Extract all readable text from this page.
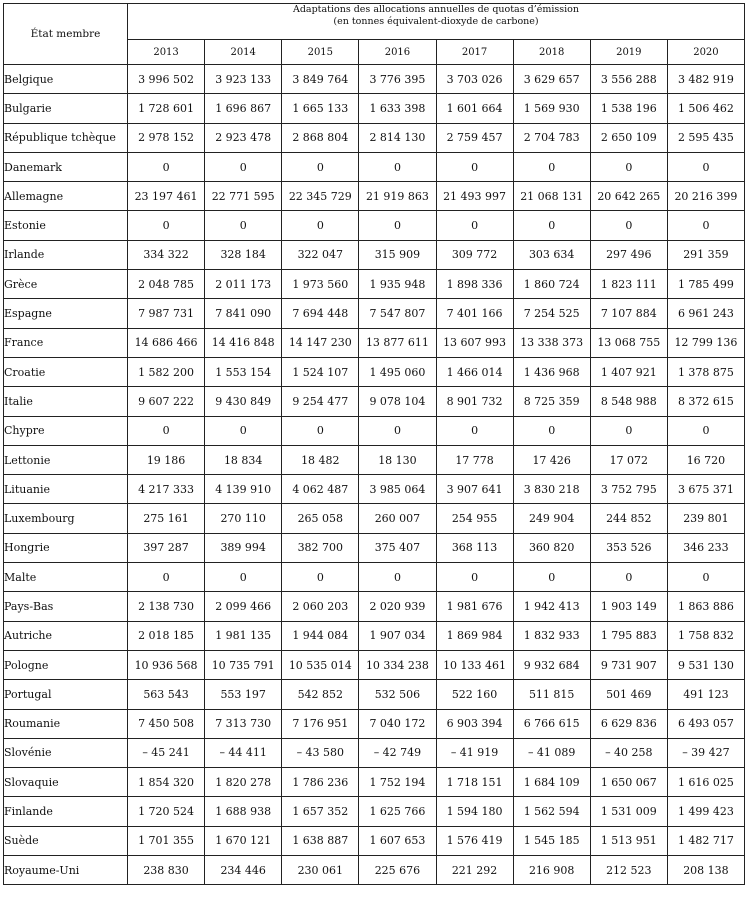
État membre	Adaptations des allocations annuelles de quotas d’émission
(en tonnes équivalent-dioxyde de carbone)							

	2013	2014	2015	2016	2017	2018	2019	2020
Belgique	3 996 502	3 923 133	3 849 764	3 776 395	3 703 026	3 629 657	3 556 288	3 482 919
Bulgarie	1 728 601	1 696 867	1 665 133	1 633 398	1 601 664	1 569 930	1 538 196	1 506 462
République tchèque	2 978 152	2 923 478	2 868 804	2 814 130	2 759 457	2 704 783	2 650 109	2 595 435
Danemark	0	0	0	0	0	0	0	0
Allemagne	23 197 461	22 771 595	22 345 729	21 919 863	21 493 997	21 068 131	20 642 265	20 216 399
Estonie	0	0	0	0	0	0	0	0
Irlande	334 322	328 184	322 047	315 909	309 772	303 634	297 496	291 359
Grèce	2 048 785	2 011 173	1 973 560	1 935 948	1 898 336	1 860 724	1 823 111	1 785 499
Espagne	7 987 731	7 841 090	7 694 448	7 547 807	7 401 166	7 254 525	7 107 884	6 961 243
France	14 686 466	14 416 848	14 147 230	13 877 611	13 607 993	13 338 373	13 068 755	12 799 136
Croatie	1 582 200	1 553 154	1 524 107	1 495 060	1 466 014	1 436 968	1 407 921	1 378 875
Italie	9 607 222	9 430 849	9 254 477	9 078 104	8 901 732	8 725 359	8 548 988	8 372 615
Chypre	0	0	0	0	0	0	0	0
Lettonie	19 186	18 834	18 482	18 130	17 778	17 426	17 072	16 720
Lituanie	4 217 333	4 139 910	4 062 487	3 985 064	3 907 641	3 830 218	3 752 795	3 675 371
Luxembourg	275 161	270 110	265 058	260 007	254 955	249 904	244 852	239 801
Hongrie	397 287	389 994	382 700	375 407	368 113	360 820	353 526	346 233
Malte	0	0	0	0	0	0	0	0
Pays-Bas	2 138 730	2 099 466	2 060 203	2 020 939	1 981 676	1 942 413	1 903 149	1 863 886
Autriche	2 018 185	1 981 135	1 944 084	1 907 034	1 869 984	1 832 933	1 795 883	1 758 832
Pologne	10 936 568	10 735 791	10 535 014	10 334 238	10 133 461	9 932 684	9 731 907	9 531 130
Portugal	563 543	553 197	542 852	532 506	522 160	511 815	501 469	491 123
Roumanie	7 450 508	7 313 730	7 176 951	7 040 172	6 903 394	6 766 615	6 629 836	6 493 057
Slovénie	– 45 241	– 44 411	– 43 580	– 42 749	– 41 919	– 41 089	– 40 258	– 39 427
Slovaquie	1 854 320	1 820 278	1 786 236	1 752 194	1 718 151	1 684 109	1 650 067	1 616 025
Finlande	1 720 524	1 688 938	1 657 352	1 625 766	1 594 180	1 562 594	1 531 009	1 499 423
Suède	1 701 355	1 670 121	1 638 887	1 607 653	1 576 419	1 545 185	1 513 951	1 482 717
Royaume-Uni	238 830	234 446	230 061	225 676	221 292	216 908	212 523	208 138
